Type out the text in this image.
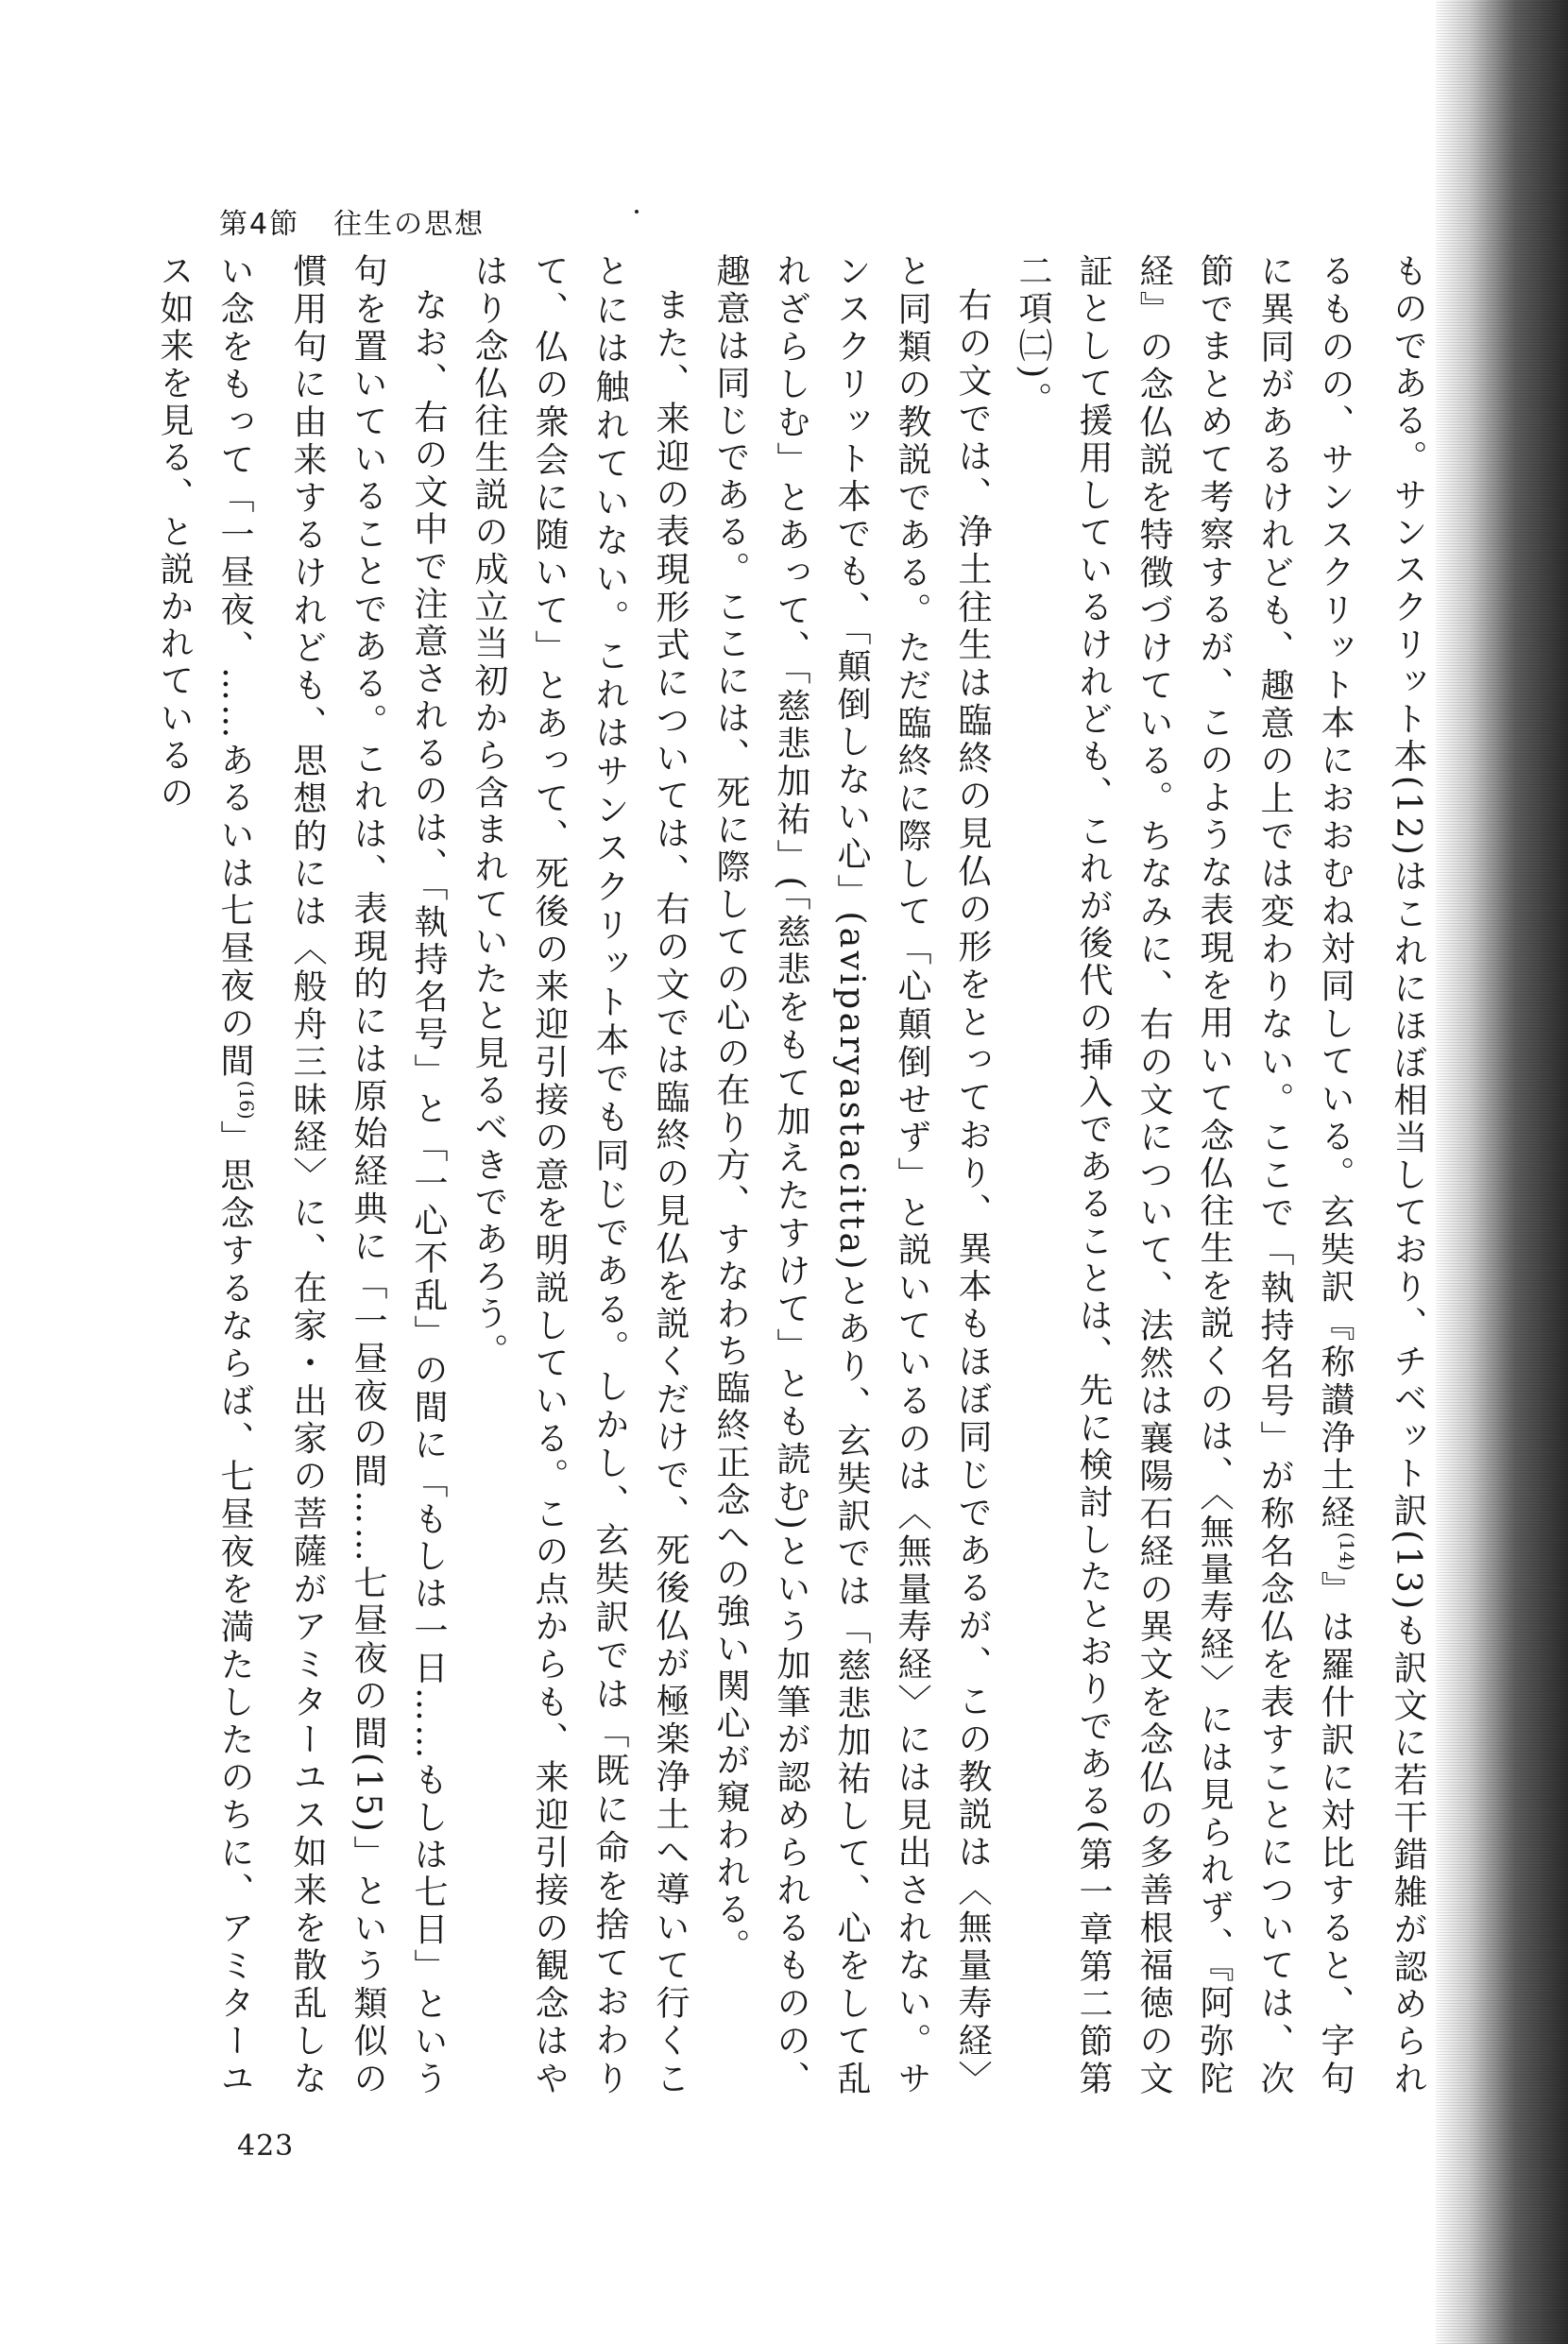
第4節 往生の思想

ものである。サンスクリット本(12)はこれにほぼ相当しており、チベット訳(13)も訳文に若干錯雑が認められるものの、サンスクリット本におおむね対同している。玄奘訳『称讃浄土経$^{(14)}$』は羅什訳に対比すると、字句に異同があるけれども、趣意の上では変わりない。ここで「執持名号」が称名念仏を表すことについては、次節でまとめて考察するが、このような表現を用いて念仏往生を説くのは、〈無量寿経〉には見られず、『阿弥陀経』の念仏説を特徴づけている。ちなみに、右の文について、法然は襄陽石経の異文を念仏の多善根福徳の文証として援用しているけれども、これが後代の挿入であることは、先に検討したとおりである(第一章第二節第二項㈡)。

右の文では、浄土往生は臨終の見仏の形をとっており、異本もほぼ同じであるが、この教説は〈無量寿経〉と同類の教説である。ただ臨終に際して「心顛倒せず」と説いているのは〈無量寿経〉には見出されない。サンスクリット本でも、「顛倒しない心」(aviparyastacitta)とあり、玄奘訳では「慈悲加祐して、心をして乱れざらしむ」とあって、「慈悲加祐」(「慈悲をもて加えたすけて」とも読む)という加筆が認められるものの、趣意は同じである。ここには、死に際しての心の在り方、すなわち臨終正念への強い関心が窺われる。

また、来迎の表現形式については、右の文では臨終の見仏を説くだけで、死後仏が極楽浄土へ導いて行くことには触れていない。これはサンスクリット本でも同じである。しかし、玄奘訳では「既に命を捨ておわりて、仏の衆会に随いて」とあって、死後の来迎引接の意を明説している。この点からも、来迎引接の観念はやはり念仏往生説の成立当初から含まれていたと見るべきであろう。

なお、右の文中で注意されるのは、「執持名号」と「一心不乱」の間に「もしは一日……もしは七日」という句を置いていることである。これは、表現的には原始経典に「一昼夜の間……七昼夜の間(15)」という類似の慣用句に由来するけれども、思想的には〈般舟三昧経〉に、在家・出家の菩薩がアミターユス如来を散乱しない念をもって「一昼夜、……あるいは七昼夜の間$^{(16)}$」思念するならば、七昼夜を満たしたのちに、アミターユス如来を見る、と説かれているの

423
